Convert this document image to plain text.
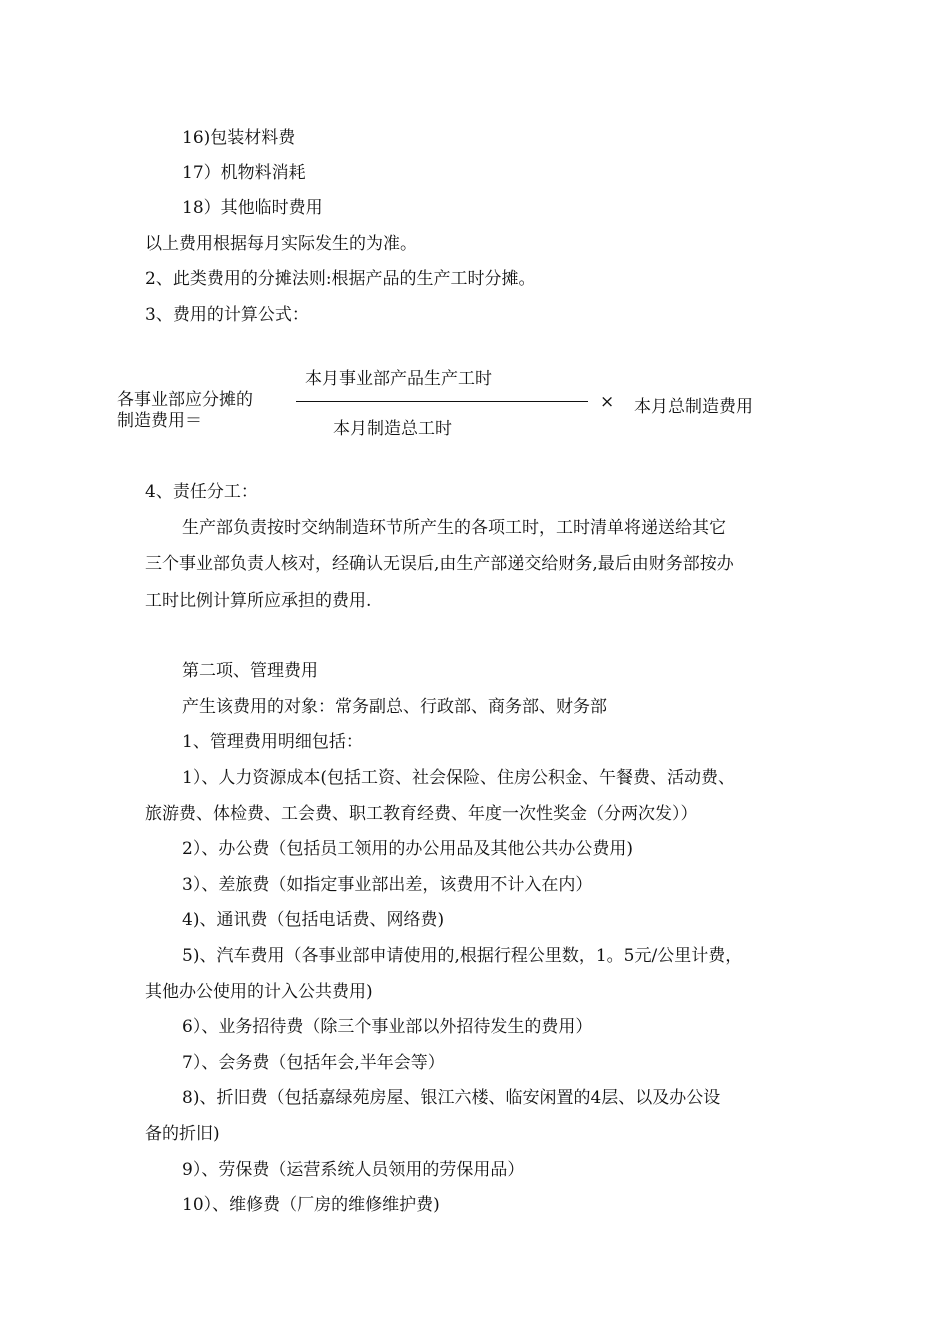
16)包装材料费
17）机物料消耗
18）其他临时费用
以上费用根据每月实际发生的为准。
2、此类费用的分摊法则:根据产品的生产工时分摊。
3、费用的计算公式：
4、责任分工：
生产部负责按时交纳制造环节所产生的各项工时，工时清单将递送给其它
三个事业部负责人核对，经确认无误后,由生产部递交给财务,最后由财务部按办
工时比例计算所应承担的费用.
第二项、管理费用
产生该费用的对象：常务副总、行政部、商务部、财务部
1、管理费用明细包括：
1）、人力资源成本(包括工资、社会保险、住房公积金、午餐费、活动费、
旅游费、体检费、工会费、职工教育经费、年度一次性奖金（分两次发））
2）、办公费（包括员工领用的办公用品及其他公共办公费用)
3）、差旅费（如指定事业部出差，该费用不计入在内）
4)、通讯费（包括电话费、网络费)
5)、汽车费用（各事业部申请使用的,根据行程公里数，1。5元/公里计费，
其他办公使用的计入公共费用)
6）、业务招待费（除三个事业部以外招待发生的费用）
7）、会务费（包括年会,半年会等）
8)、折旧费（包括嘉绿苑房屋、银江六楼、临安闲置的4层、以及办公设
备的折旧)
9）、劳保费（运营系统人员领用的劳保用品）
10）、维修费（厂房的维修维护费)
各事业部应分摊的
制造费用＝
本月事业部产品生产工时
本月制造总工时
× 本月总制造费用
